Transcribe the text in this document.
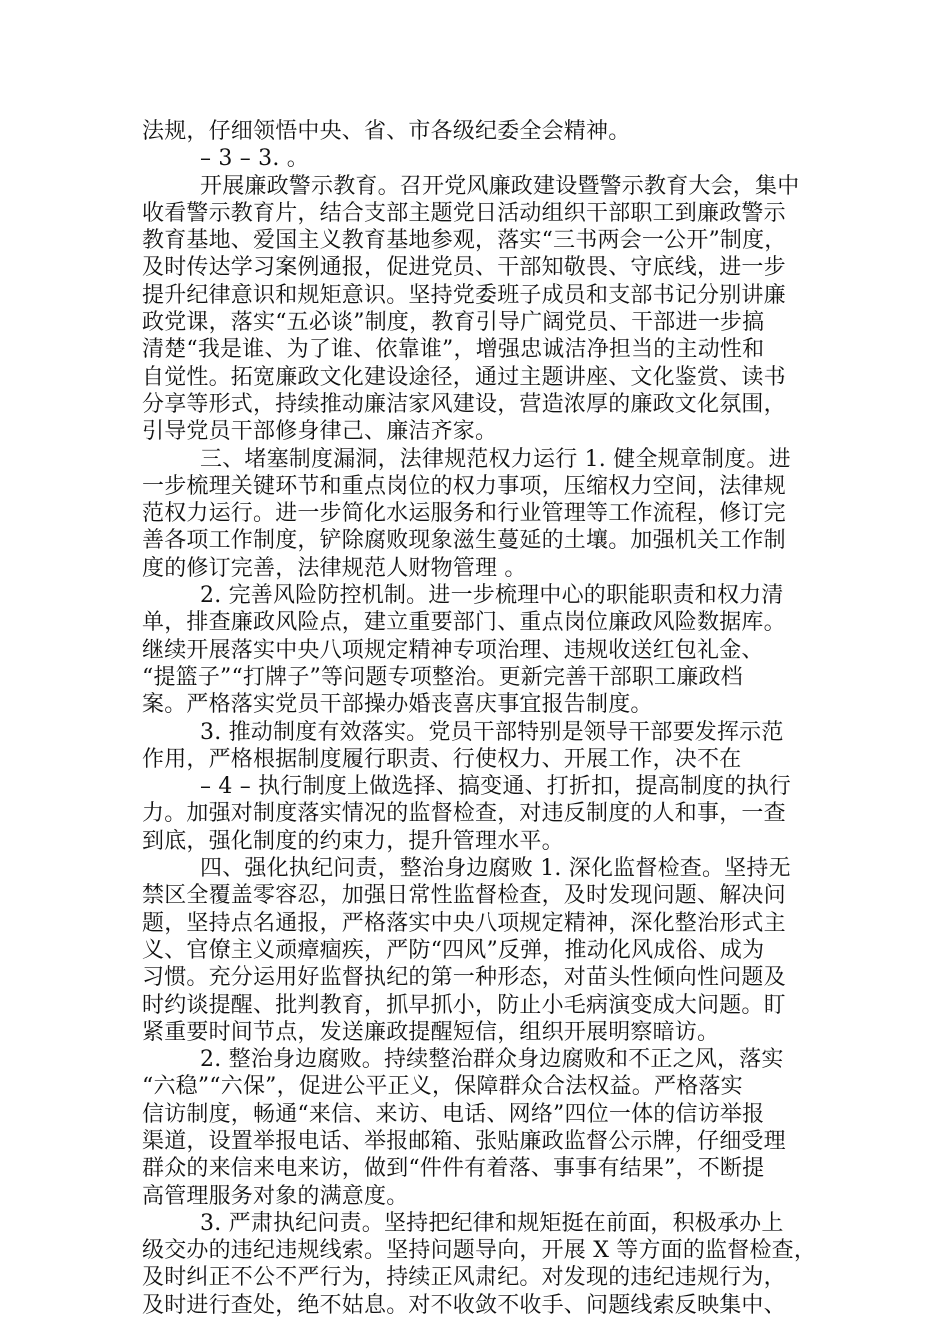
法规，仔细领悟中央、省、市各级纪委全会精神。
– 3 – 3. 。
开展廉政警示教育。召开党风廉政建设暨警示教育大会，集中
收看警示教育片，结合支部主题党日活动组织干部职工到廉政警示
教育基地、爱国主义教育基地参观，落实“三书两会一公开”制度，
及时传达学习案例通报，促进党员、干部知敬畏、守底线，进一步
提升纪律意识和规矩意识。坚持党委班子成员和支部书记分别讲廉
政党课，落实“五必谈”制度，教育引导广阔党员、干部进一步搞
清楚“我是谁、为了谁、依靠谁”，增强忠诚洁净担当的主动性和
自觉性。拓宽廉政文化建设途径，通过主题讲座、文化鉴赏、读书
分享等形式，持续推动廉洁家风建设，营造浓厚的廉政文化氛围，
引导党员干部修身律己、廉洁齐家。
三、堵塞制度漏洞，法律规范权力运行 1. 健全规章制度。进
一步梳理关键环节和重点岗位的权力事项，压缩权力空间，法律规
范权力运行。进一步简化水运服务和行业管理等工作流程，修订完
善各项工作制度，铲除腐败现象滋生蔓延的土壤。加强机关工作制
度的修订完善，法律规范人财物管理 。
2. 完善风险防控机制。进一步梳理中心的职能职责和权力清
单，排查廉政风险点，建立重要部门、重点岗位廉政风险数据库。
继续开展落实中央八项规定精神专项治理、违规收送红包礼金、
“提篮子”“打牌子”等问题专项整治。更新完善干部职工廉政档
案。严格落实党员干部操办婚丧喜庆事宜报告制度。
3. 推动制度有效落实。党员干部特别是领导干部要发挥示范
作用，严格根据制度履行职责、行使权力、开展工作，决不在
– 4 – 执行制度上做选择、搞变通、打折扣，提高制度的执行
力。加强对制度落实情况的监督检查，对违反制度的人和事，一查
到底，强化制度的约束力，提升管理水平。
四、强化执纪问责，整治身边腐败 1. 深化监督检查。坚持无
禁区全覆盖零容忍，加强日常性监督检查，及时发现问题、解决问
题，坚持点名通报，严格落实中央八项规定精神，深化整治形式主
义、官僚主义顽瘴痼疾，严防“四风”反弹，推动化风成俗、成为
习惯。充分运用好监督执纪的第一种形态，对苗头性倾向性问题及
时约谈提醒、批判教育，抓早抓小，防止小毛病演变成大问题。盯
紧重要时间节点，发送廉政提醒短信，组织开展明察暗访。
2. 整治身边腐败。持续整治群众身边腐败和不正之风，落实
“六稳”“六保”，促进公平正义，保障群众合法权益。严格落实
信访制度，畅通“来信、来访、电话、网络”四位一体的信访举报
渠道，设置举报电话、举报邮箱、张贴廉政监督公示牌，仔细受理
群众的来信来电来访，做到“件件有着落、事事有结果”，不断提
高管理服务对象的满意度。
3. 严肃执纪问责。坚持把纪律和规矩挺在前面，积极承办上
级交办的违纪违规线索。坚持问题导向，开展 X 等方面的监督检查，
及时纠正不公不严行为，持续正风肃纪。对发现的违纪违规行为，
及时进行查处，绝不姑息。对不收敛不收手、问题线索反映集中、
